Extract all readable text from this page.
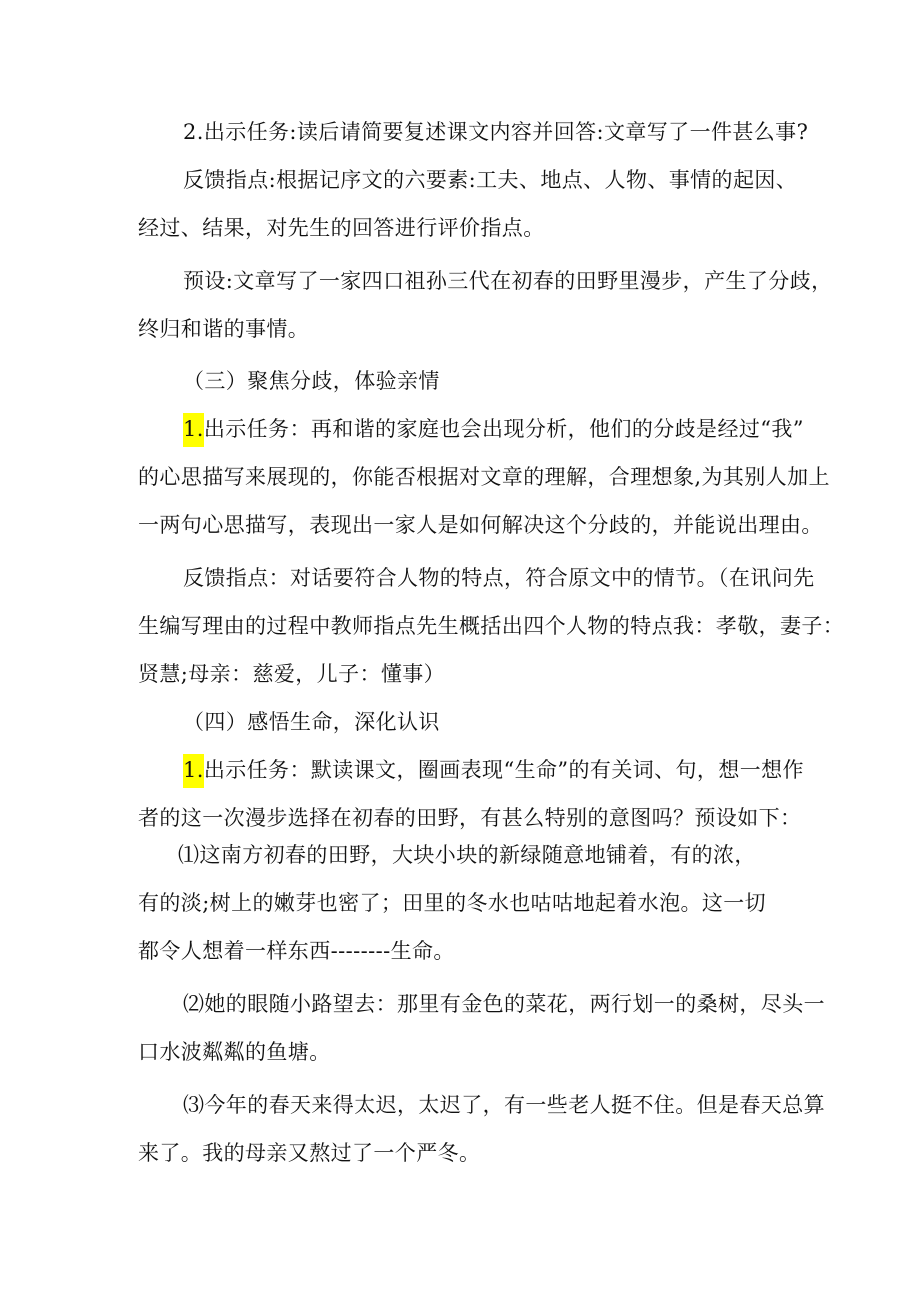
2.出示任务:读后请简要复述课文内容并回答:文章写了一件甚么事?
反馈指点:根据记序文的六要素:工夫、地点、人物、事情的起因、
经过、结果，对先生的回答进行评价指点。
预设:文章写了一家四口祖孙三代在初春的田野里漫步，产生了分歧，
终归和谐的事情。
（三）聚焦分歧，体验亲情
1.出示任务：再和谐的家庭也会出现分析，他们的分歧是经过“我”
的心思描写来展现的，你能否根据对文章的理解，合理想象,为其别人加上
一两句心思描写，表现出一家人是如何解决这个分歧的，并能说出理由。
反馈指点：对话要符合人物的特点，符合原文中的情节。（在讯问先
生编写理由的过程中教师指点先生概括出四个人物的特点我：孝敬，妻子：
贤慧;母亲：慈爱，儿子：懂事）
（四）感悟生命，深化认识
1.出示任务：默读课文，圈画表现“生命”的有关词、句，想一想作
者的这一次漫步选择在初春的田野，有甚么特别的意图吗？预设如下：
⑴这南方初春的田野，大块小块的新绿随意地铺着，有的浓，
有的淡;树上的嫩芽也密了；田里的冬水也咕咕地起着水泡。这一切
都令人想着一样东西--------生命。
⑵她的眼随小路望去：那里有金色的菜花，两行划一的桑树，尽头一
口水波粼粼的鱼塘。
⑶今年的春天来得太迟，太迟了，有一些老人挺不住。但是春天总算
来了。我的母亲又熬过了一个严冬。
